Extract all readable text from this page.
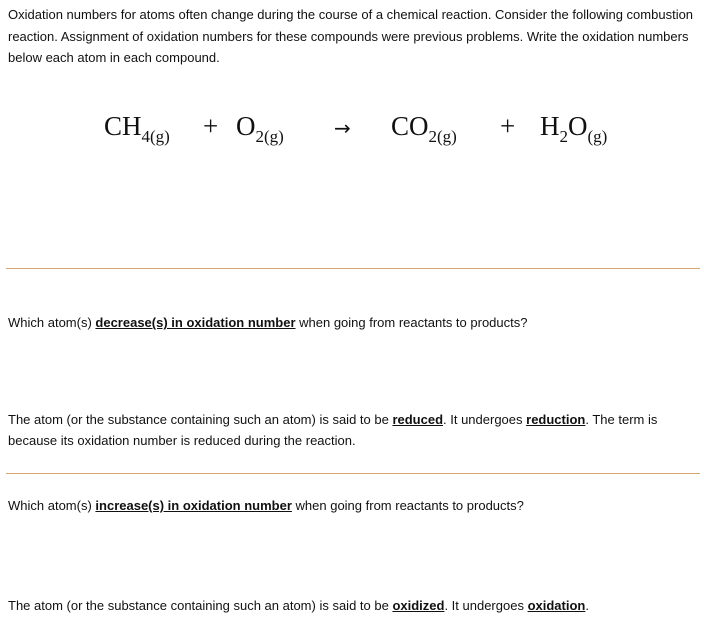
Oxidation numbers for atoms often change during the course of a chemical reaction. Consider the following combustion reaction. Assignment of oxidation numbers for these compounds were previous problems. Write the oxidation numbers below each atom in each compound.

$CH_{4(g)} + O_{2(g)}$	→ $CO_{2(g)} + H_2O_{(g)}$

Which atom(s) decrease(s) in oxidation number when going from reactants to products?

The atom (or the substance containing such an atom) is said to be reduced. It undergoes reduction. The term is because its oxidation number is reduced during the reaction.

Which atom(s) increase(s) in oxidation number when going from reactants to products?

The atom (or the substance containing such an atom) is said to be oxidized. It undergoes oxidation.
